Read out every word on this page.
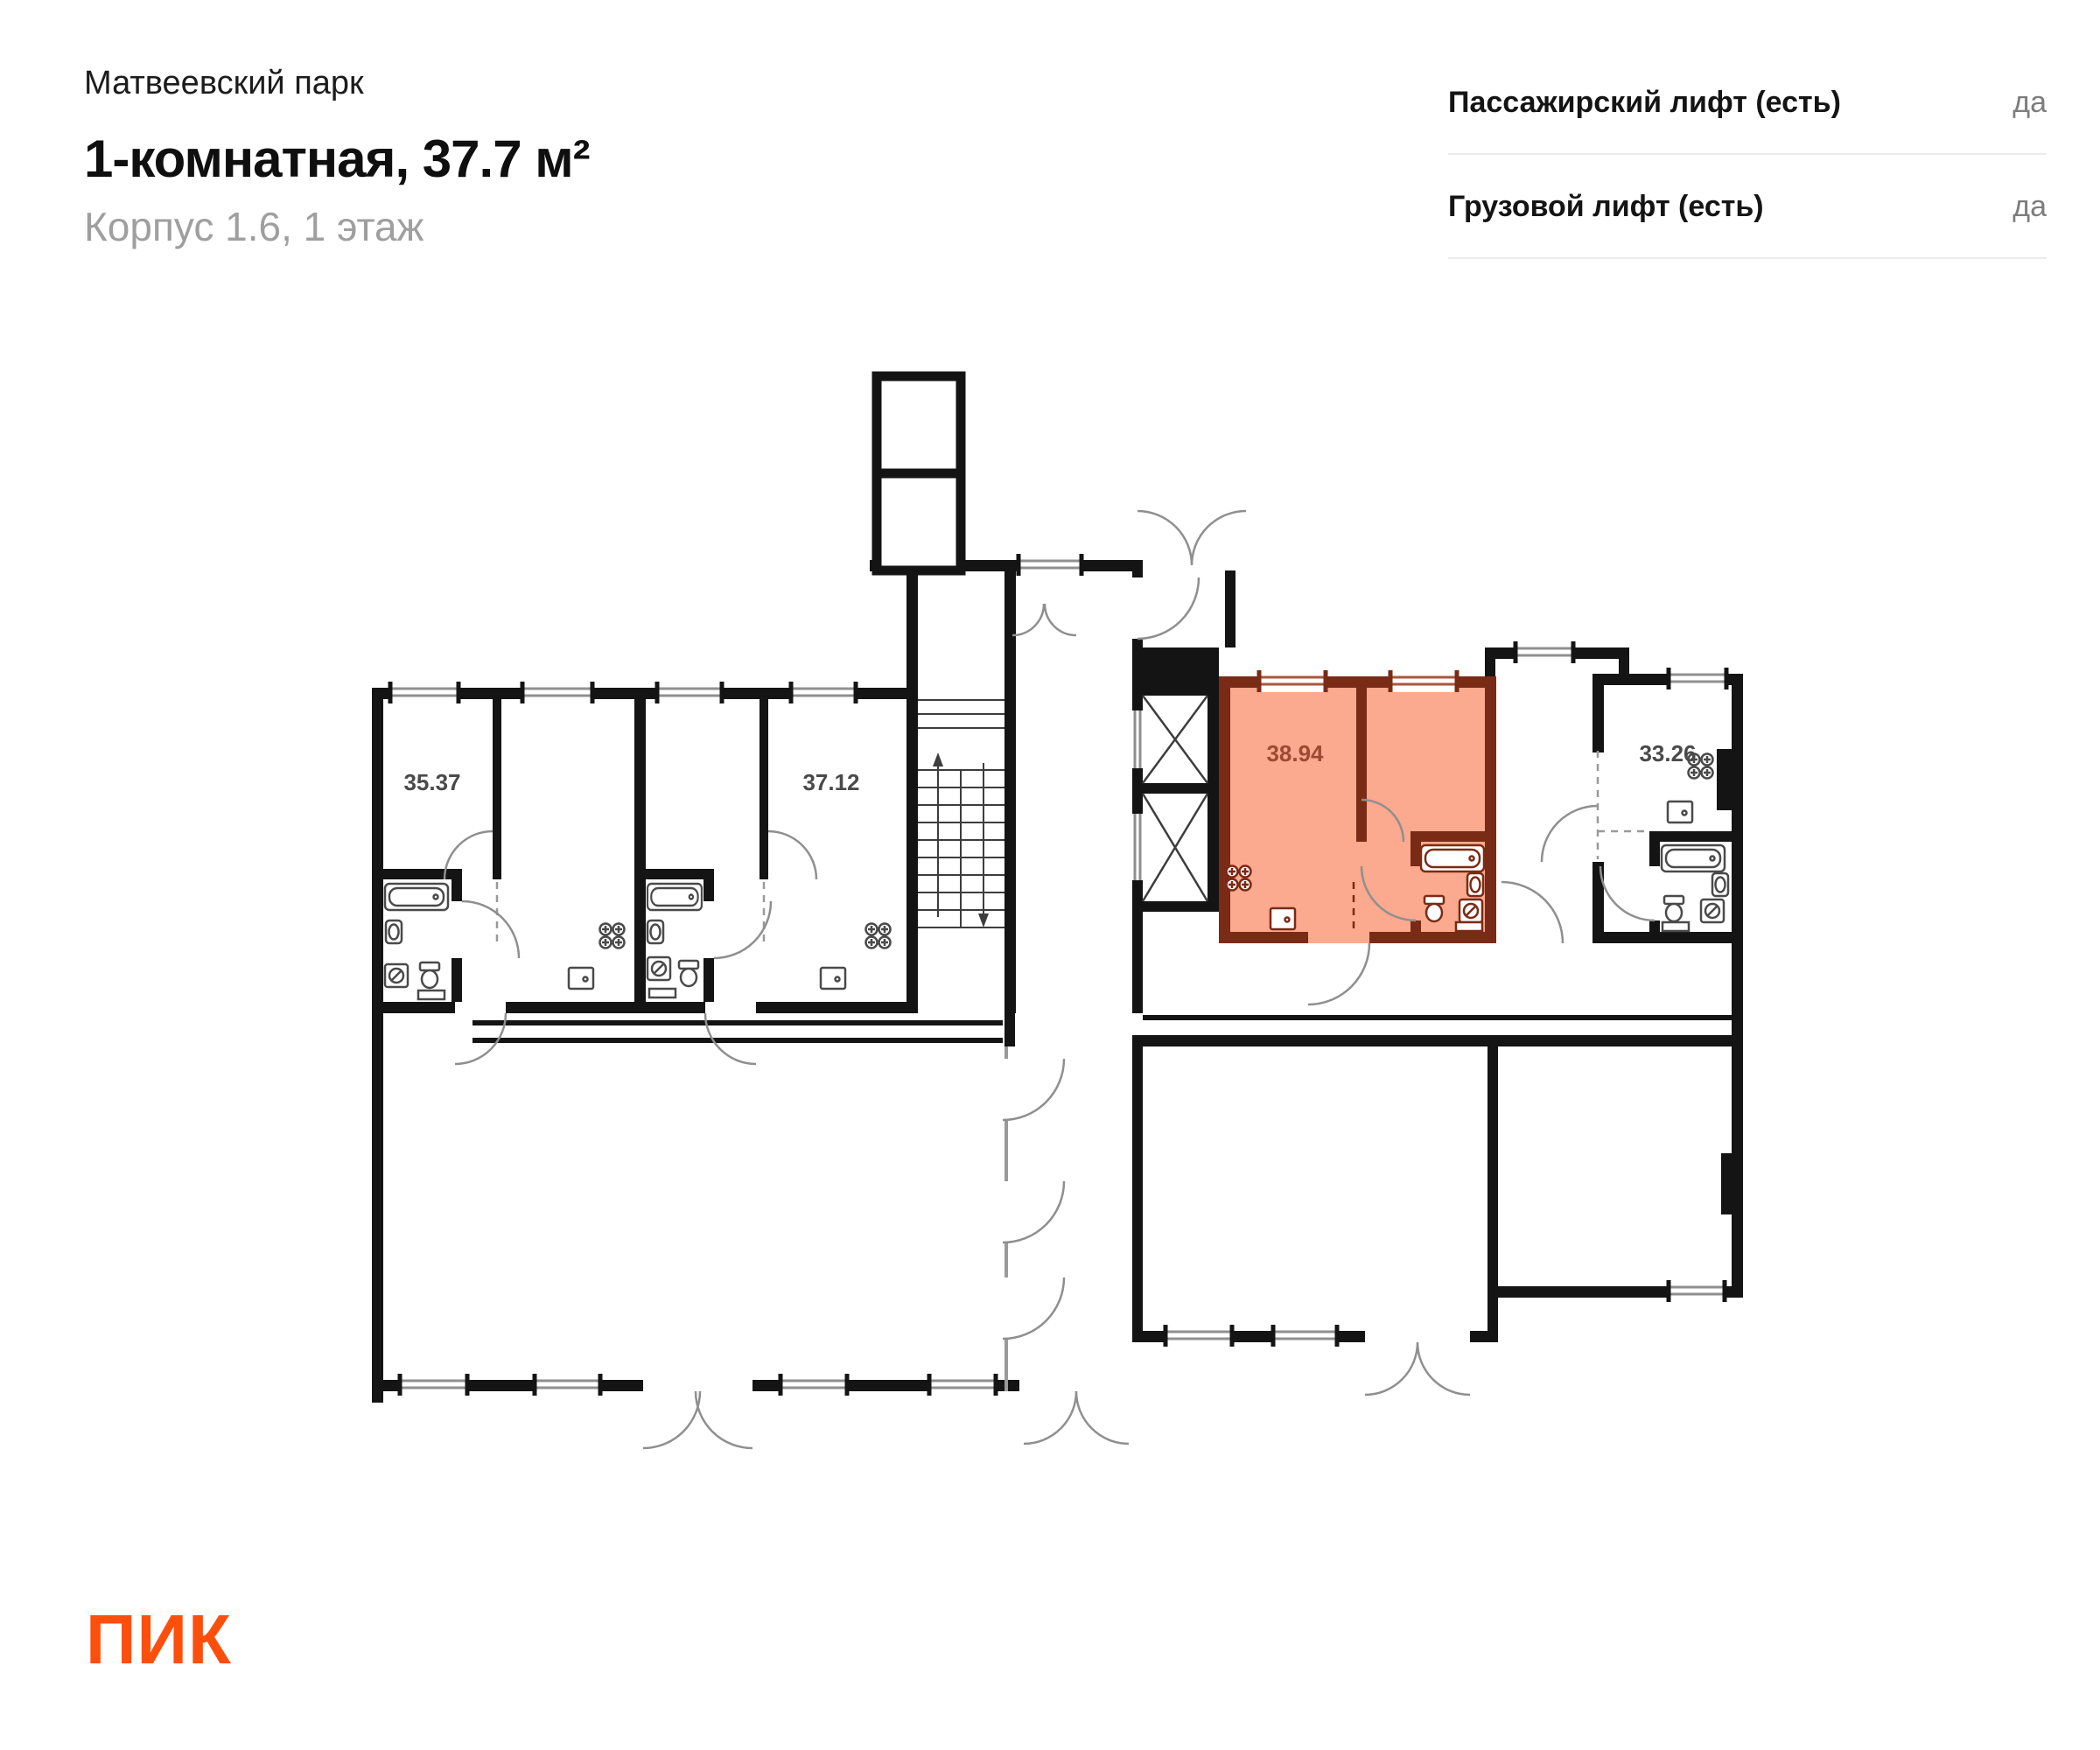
Матвеевский парк
1-комнатная, 37.7 м²
Корпус 1.6, 1 этаж
Пассажирский лифт (есть)	да
Грузовой лифт (есть)	да
35.37	37.12
38.94	33.26
ПИК
